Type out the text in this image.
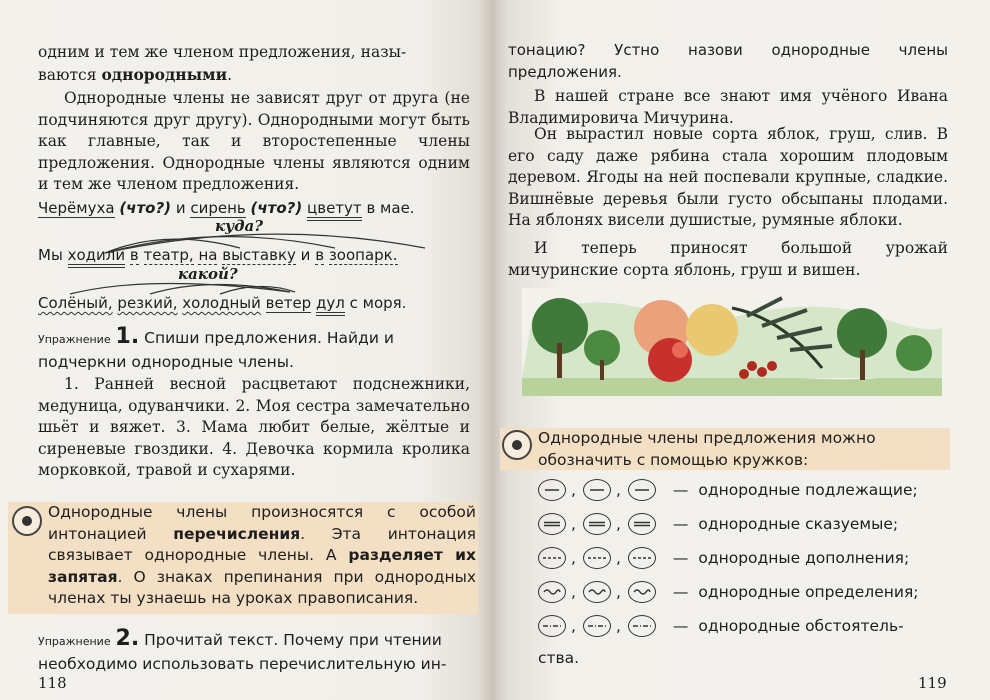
одним и тем же членом предложения, назы-
ваются однородными.
Однородные члены не зависят друг от друга (не подчиняются друг другу). Однородными могут быть как главные, так и второстепенные члены предложения. Однородные члены являются одним и тем же членом предложения.
Черёмуха (что?) и сирень (что?) цветут в мае.
куда?
Мы ходили в театр, на выставку и в зоопарк.
какой?
Солёный, резкий, холодный ветер дул с моря.
Упражнение 1. Спиши предложения. Найди и подчеркни однородные члены.
1. Ранней весной расцветают подснежники, медуница, одуванчики. 2. Моя сестра замечательно шьёт и вяжет. 3. Мама любит белые, жёлтые и сиреневые гвоздики. 4. Девочка кормила кролика морковкой, травой и сухарями.
Однородные члены произносятся с особой интонацией перечисления. Эта интонация связывает однородные члены. А разделяет их запятая. О знаках препинания при однородных членах ты узнаешь на уроках правописания.
Упражнение 2. Прочитай текст. Почему при чтении необходимо использовать перечислительную ин-
118
тонацию? Устно назови однородные члены предложения.
В нашей стране все знают имя учёного Ивана Владимировича Мичурина.
Он вырастил новые сорта яблок, груш, слив. В его саду даже рябина стала хорошим плодовым деревом. Ягоды на ней поспевали крупные, сладкие. Вишнёвые деревья были густо обсыпаны плодами. На яблонях висели душистые, румяные яблоки.
И теперь приносят большой урожай мичуринские сорта яблонь, груш и вишен.
Однородные члены предложения можно обозначить с помощью кружков:
,	,	— однородные подлежащие;
,	,	— однородные сказуемые;
,	,	— однородные дополнения;
,	,	— однородные определения;
,	,	— однородные обстоятель-
ства.
119
